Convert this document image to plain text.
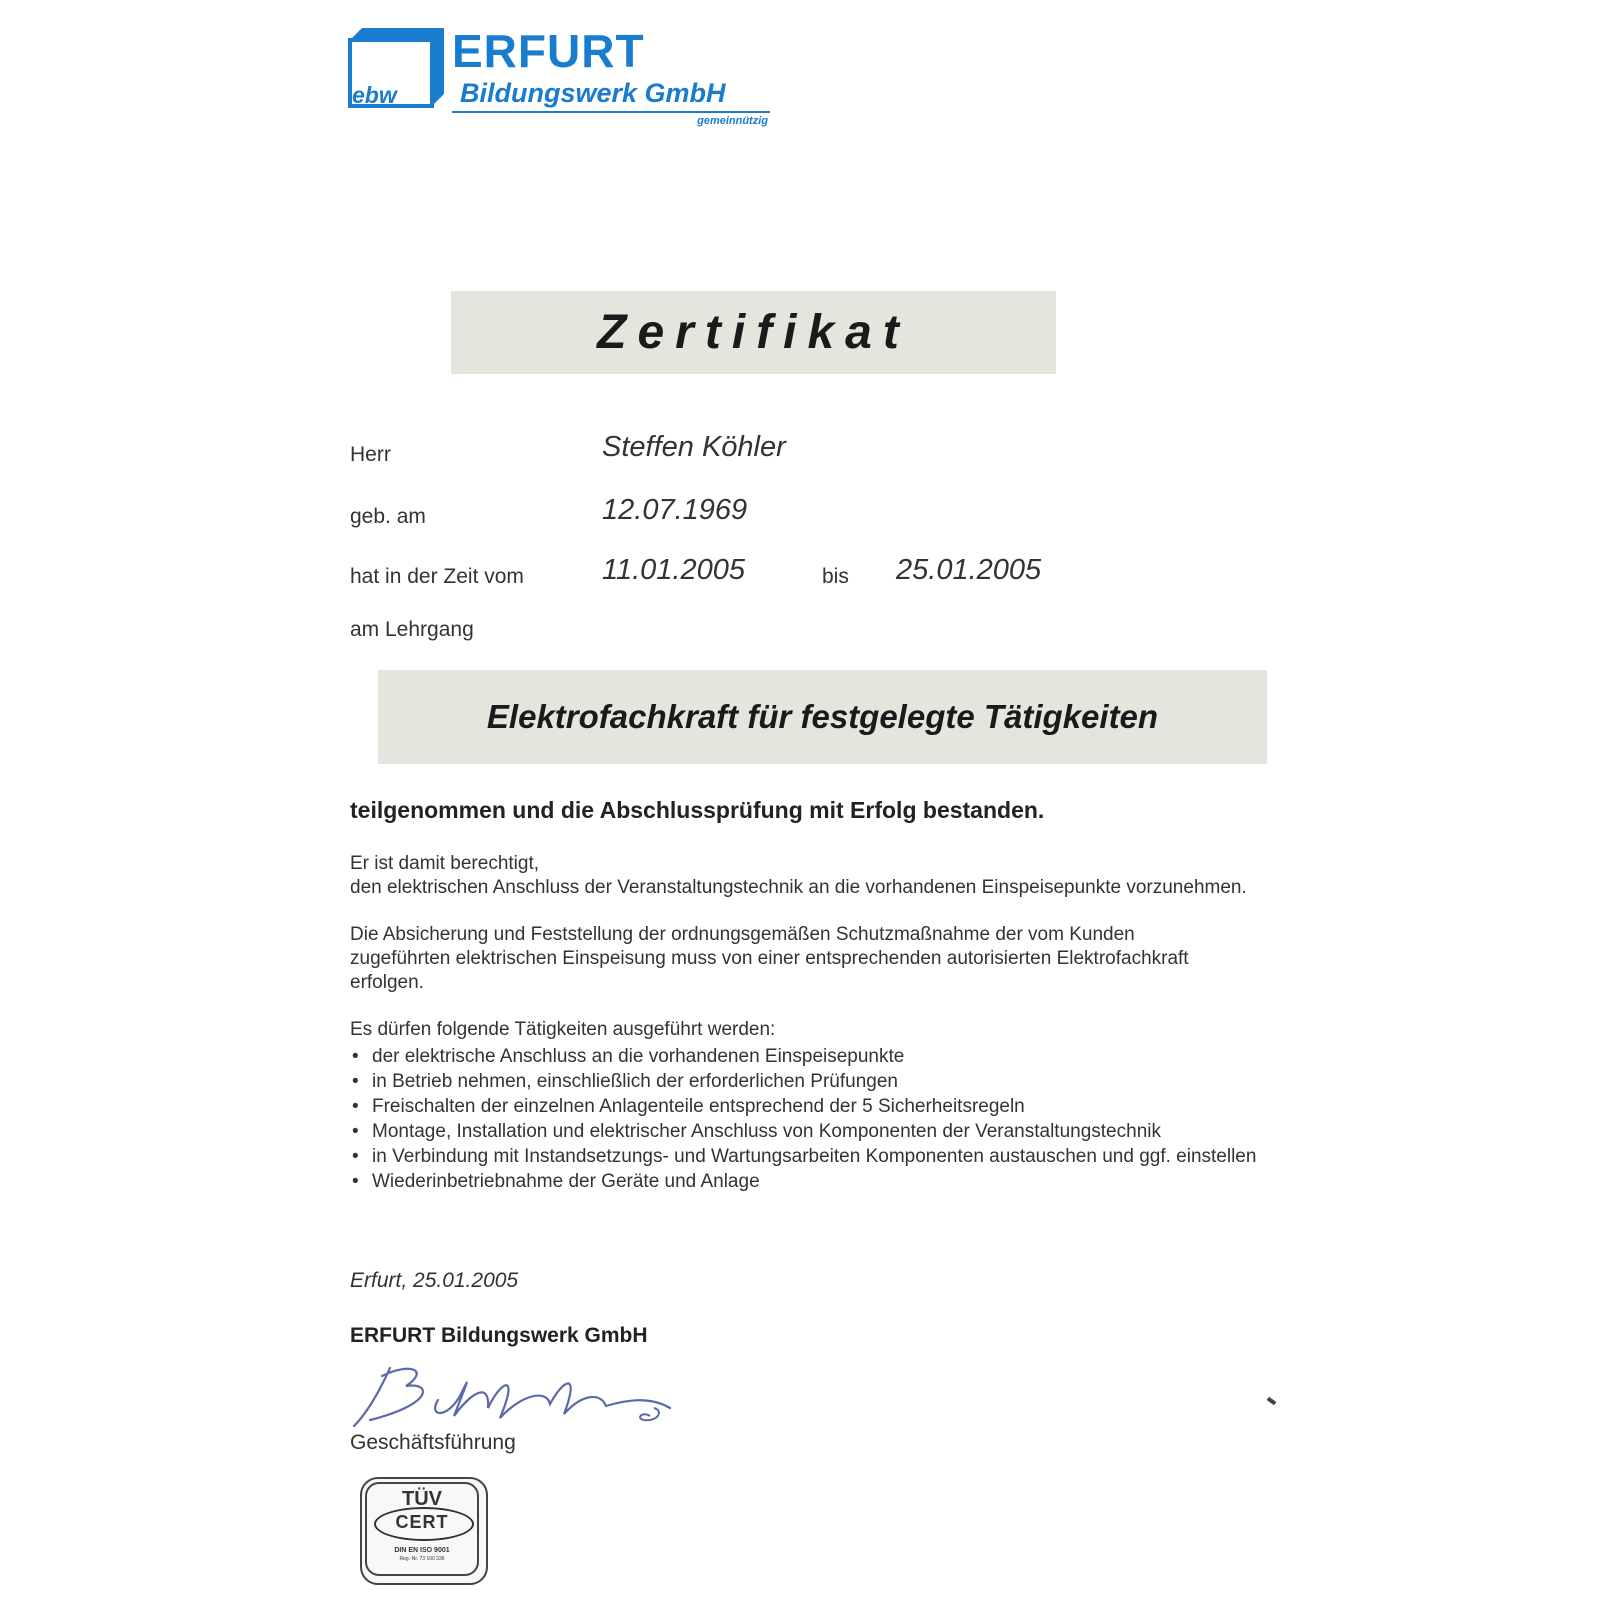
ebw
ERFURT
Bildungswerk GmbH
gemeinnützig
Zertifikat
Herr	Steffen Köhler
geb. am	12.07.1969
hat in der Zeit vom	11.01.2005	bis 25.01.2005
am Lehrgang
Elektrofachkraft für festgelegte Tätigkeiten
teilgenommen und die Abschlussprüfung mit Erfolg bestanden.
Er ist damit berechtigt,
den elektrischen Anschluss der Veranstaltungstechnik an die vorhandenen Einspeisepunkte vorzunehmen.
Die Absicherung und Feststellung der ordnungsgemäßen Schutzmaßnahme der vom Kunden
zugeführten elektrischen Einspeisung muss von einer entsprechenden autorisierten Elektrofachkraft
erfolgen.
Es dürfen folgende Tätigkeiten ausgeführt werden:
• der elektrische Anschluss an die vorhandenen Einspeisepunkte
• in Betrieb nehmen, einschließlich der erforderlichen Prüfungen
• Freischalten der einzelnen Anlagenteile entsprechend der 5 Sicherheitsregeln
• Montage, Installation und elektrischer Anschluss von Komponenten der Veranstaltungstechnik
• in Verbindung mit Instandsetzungs- und Wartungsarbeiten Komponenten austauschen und ggf. einstellen
• Wiederinbetriebnahme der Geräte und Anlage
Erfurt, 25.01.2005
ERFURT Bildungswerk GmbH
Geschäftsführung
TÜV
CERT
DIN EN ISO 9001
Reg.-Nr. 73 100 336
